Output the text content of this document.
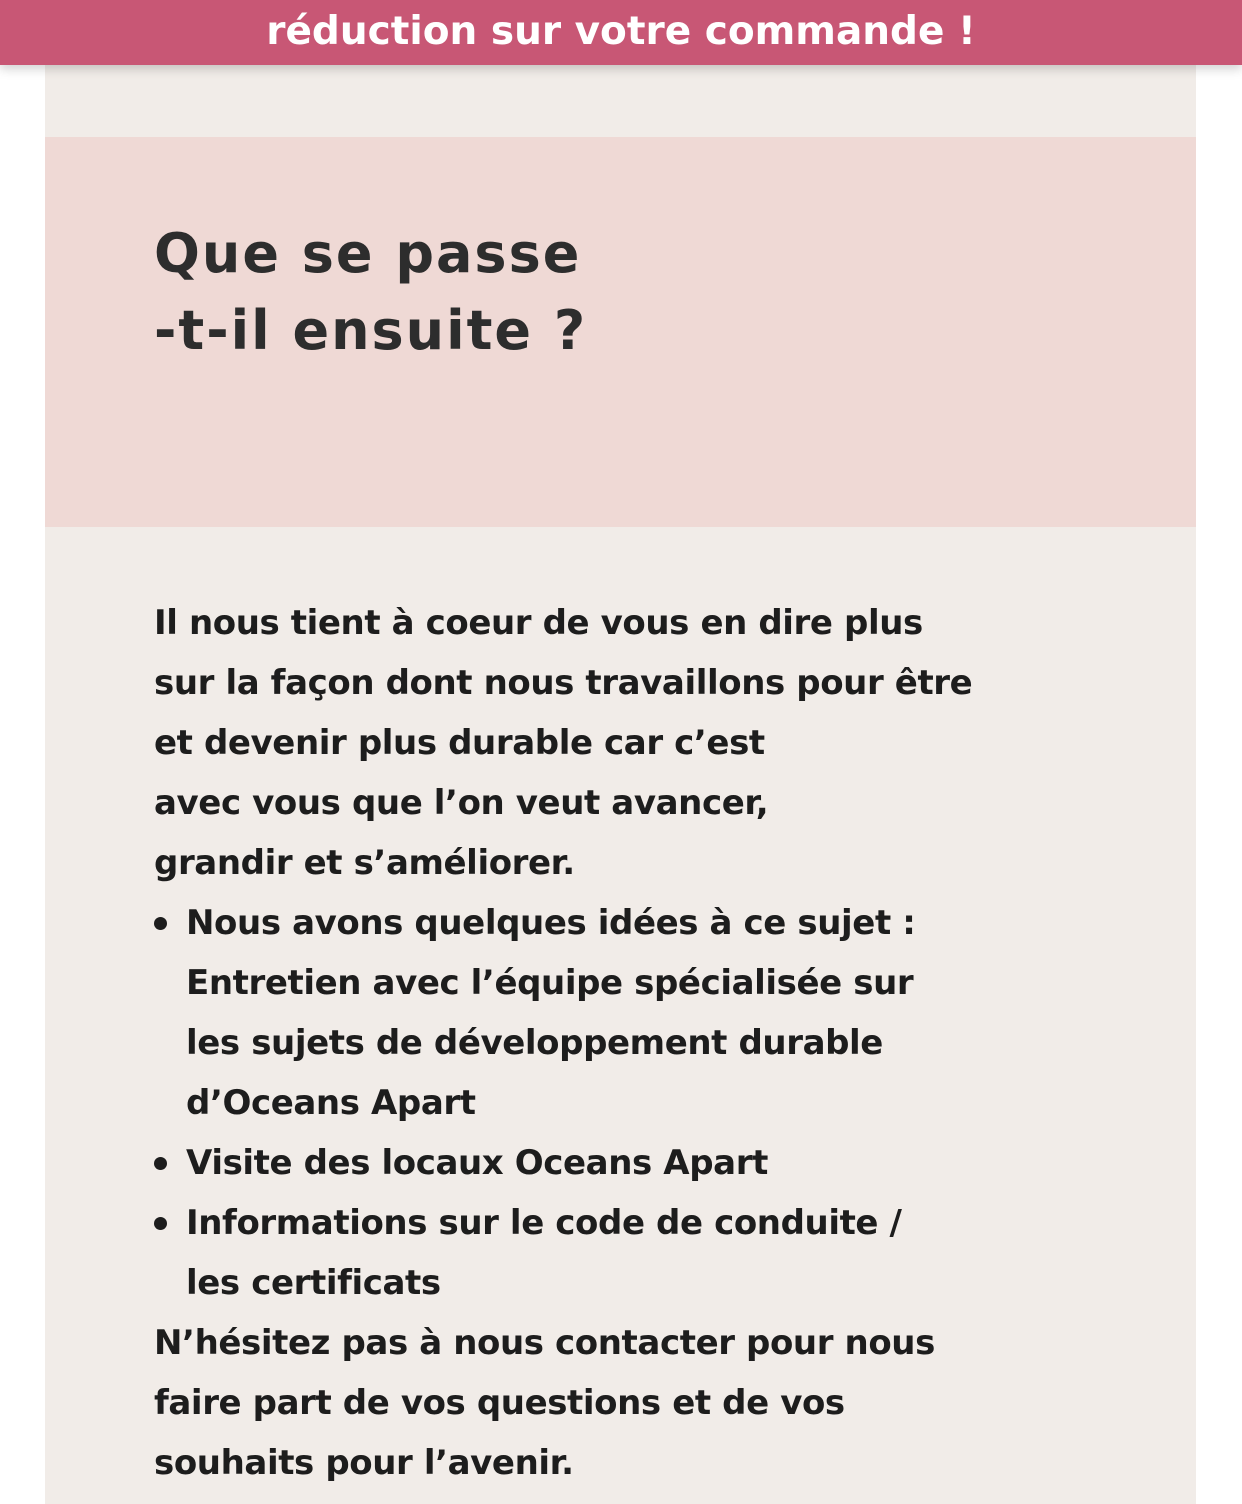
réduction sur votre commande !
Que se passe
-t-il ensuite ?
Il nous tient à coeur de vous en dire plus
sur la façon dont nous travaillons pour être
et devenir plus durable car c’est
avec vous que l’on veut avancer,
grandir et s’améliorer.
Nous avons quelques idées à ce sujet :
Entretien avec l’équipe spécialisée sur
les sujets de développement durable
d’Oceans Apart
Visite des locaux Oceans Apart
Informations sur le code de conduite /
les certificats
N’hésitez pas à nous contacter pour nous
faire part de vos questions et de vos
souhaits pour l’avenir.
